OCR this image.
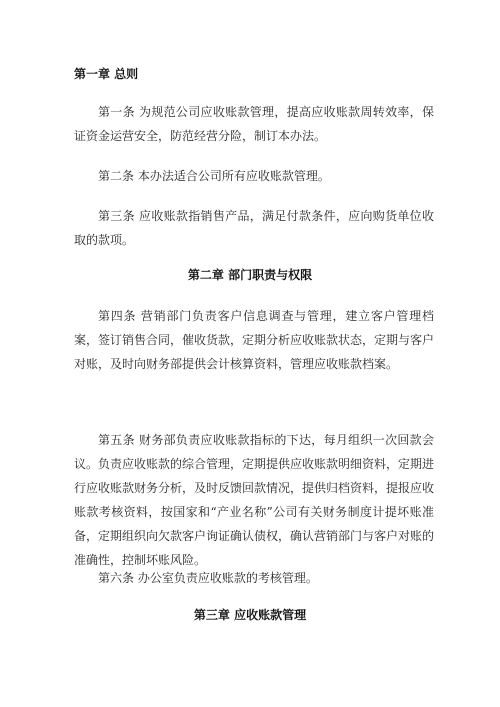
第一章 总则
第一条 为规范公司应收账款管理，提高应收账款周转效率，保证资金运营安全，防范经营分险，制订本办法。
第二条 本办法适合公司所有应收账款管理。
第三条 应收账款指销售产品，满足付款条件，应向购货单位收取的款项。
第二章 部门职责与权限
第四条 营销部门负责客户信息调查与管理，建立客户管理档案，签订销售合同，催收货款，定期分析应收账款状态，定期与客户对账，及时向财务部提供会计核算资料，管理应收账款档案。
第五条 财务部负责应收账款指标的下达，每月组织一次回款会议。负责应收账款的综合管理，定期提供应收账款明细资料，定期进行应收账款财务分析，及时反馈回款情况，提供归档资料，提报应收账款考核资料，按国家和“产业名称”公司有关财务制度计提坏账准备，定期组织向欠款客户询证确认债权，确认营销部门与客户对账的准确性，控制坏账风险。
第六条 办公室负责应收账款的考核管理。
第三章 应收账款管理
